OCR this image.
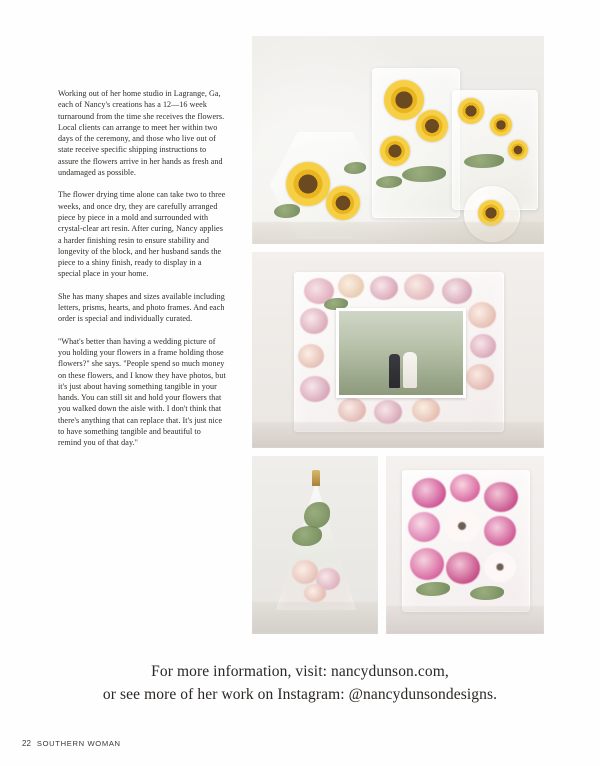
Working out of her home studio in Lagrange, Ga, each of Nancy's creations has a 12—16 week turnaround from the time she receives the flowers. Local clients can arrange to meet her within two days of the ceremony, and those who live out of state receive specific shipping instructions to assure the flowers arrive in her hands as fresh and undamaged as possible.

The flower drying time alone can take two to three weeks, and once dry, they are carefully arranged piece by piece in a mold and surrounded with crystal-clear art resin. After curing, Nancy applies a harder finishing resin to ensure stability and longevity of the block, and her husband sands the piece to a shiny finish, ready to display in a special place in your home.

She has many shapes and sizes available including letters, prisms, hearts, and photo frames. And each order is special and individually curated.

"What's better than having a wedding picture of you holding your flowers in a frame holding those flowers?" she says. "People spend so much money on these flowers, and I know they have photos, but it's just about having something tangible in your hands. You can still sit and hold your flowers that you walked down the aisle with. I don't think that there's anything that can replace that. It's just nice to have something tangible and beautiful to remind you of that day."

For more information, visit: nancydunson.com,
or see more of her work on Instagram: @nancydunsondesigns.
22 SOUTHERN WOMAN
